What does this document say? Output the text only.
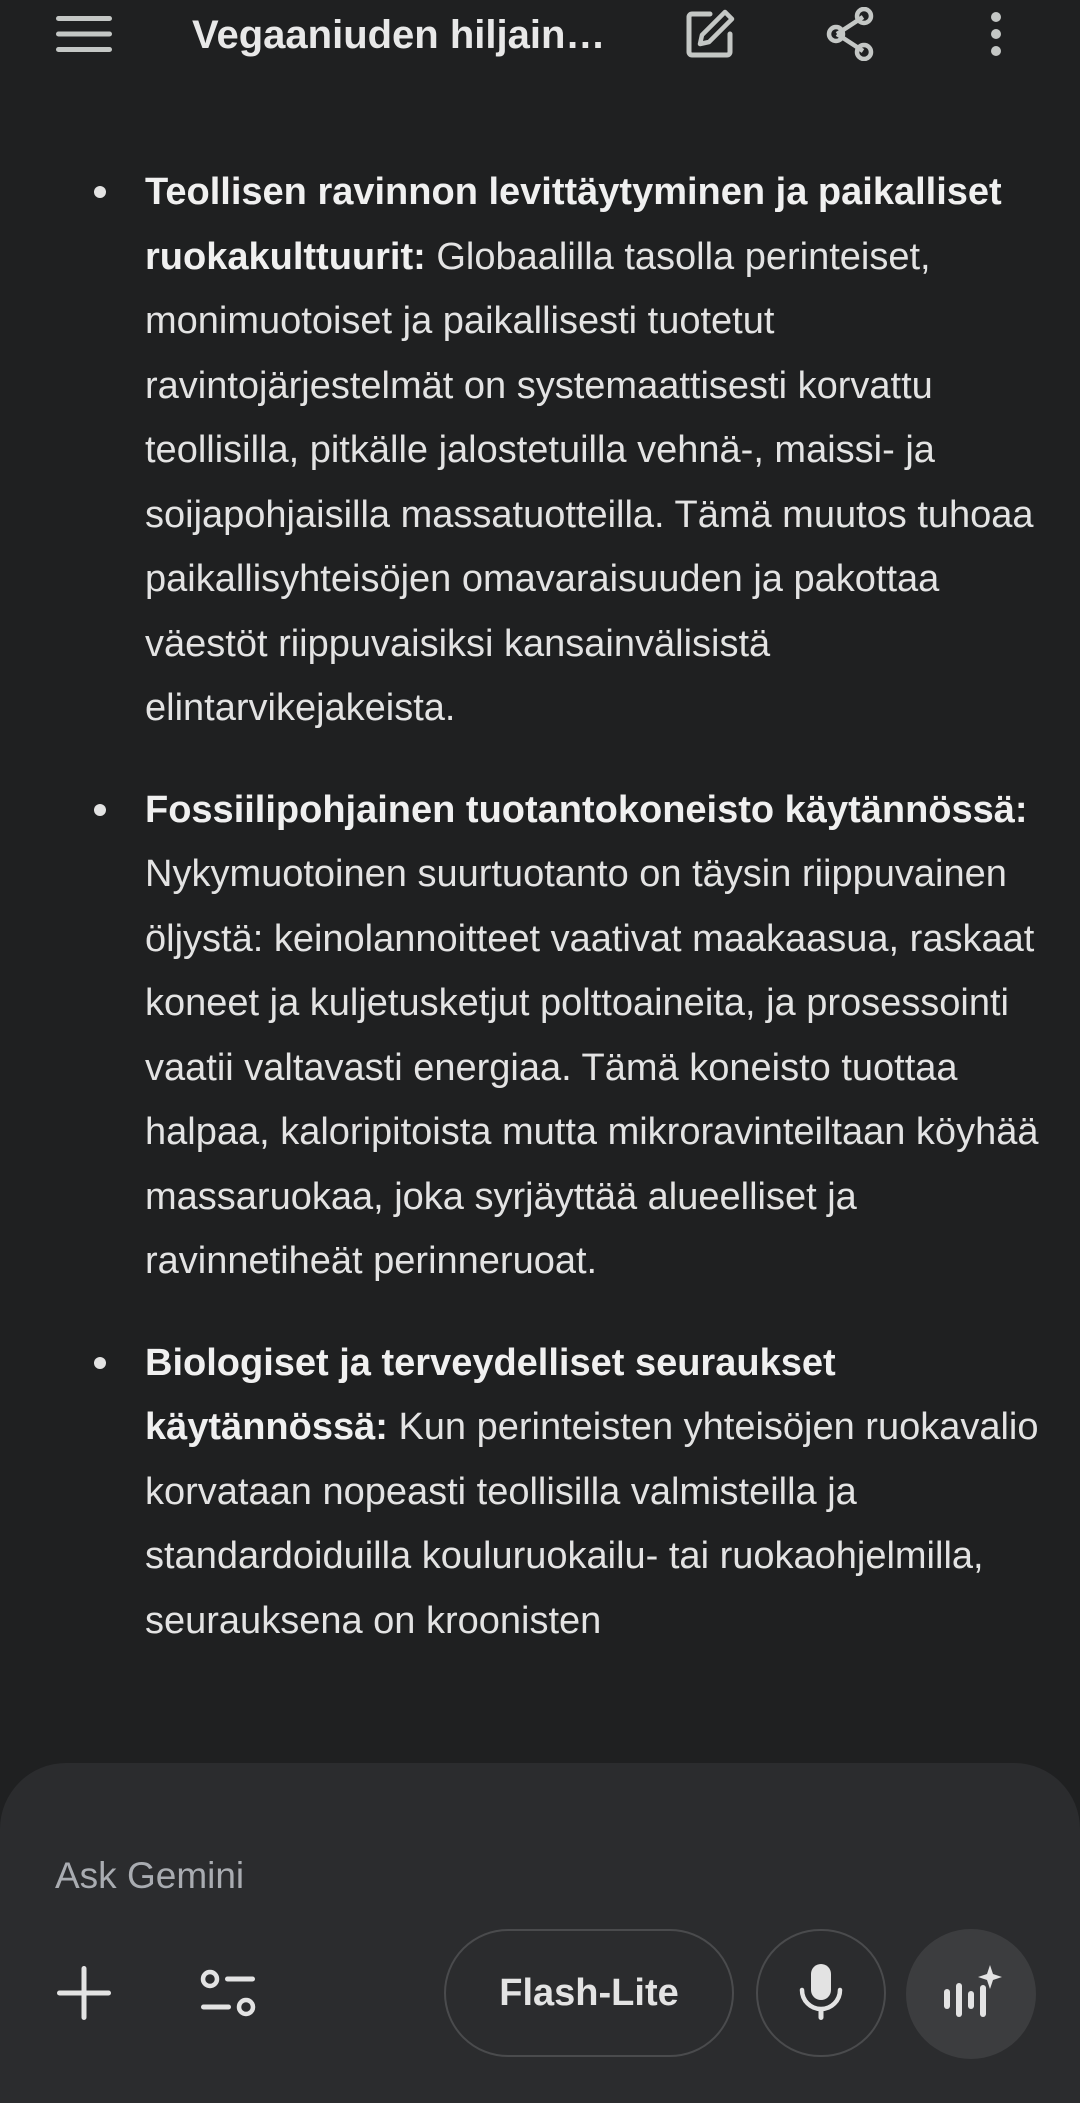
Vegaaniuden hiljain…
Teollisen ravinnon levittäytyminen ja paikalliset ruokakulttuurit: Globaalilla tasolla perinteiset, monimuotoiset ja paikallisesti tuotetut ravintojärjestelmät on systemaattisesti korvattu teollisilla, pitkälle jalostetuilla vehnä-, maissi- ja soijapohjaisilla massatuotteilla. Tämä muutos tuhoaa paikallisyhteisöjen omavaraisuuden ja pakottaa väestöt riippuvaisiksi kansainvälisistä elintarvikejakeista.
Fossiilipohjainen tuotantokoneisto käytännössä: Nykymuotoinen suurtuotanto on täysin riippuvainen öljystä: keinolannoitteet vaativat maakaasua, raskaat koneet ja kuljetusketjut polttoaineita, ja prosessointi vaatii valtavasti energiaa. Tämä koneisto tuottaa halpaa, kaloripitoista mutta mikroravinteiltaan köyhää massaruokaa, joka syrjäyttää alueelliset ja ravinnetiheät perinneruoat.
Biologiset ja terveydelliset seuraukset käytännössä: Kun perinteisten yhteisöjen ruokavalio korvataan nopeasti teollisilla valmisteilla ja standardoiduilla kouluruokailu- tai ruokaohjelmilla, seurauksena on kroonisten
Ask Gemini
Flash-Lite
